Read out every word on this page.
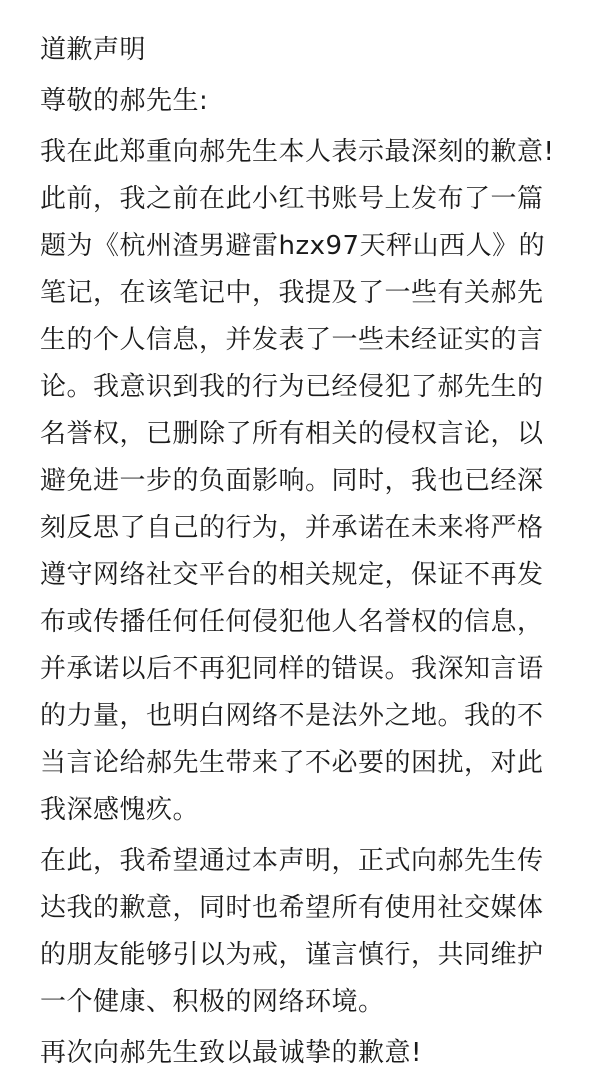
道歉声明
尊敬的郝先生:
我在此郑重向郝先生本人表示最深刻的歉意!
此前，我之前在此小红书账号上发布了一篇
题为《杭州渣男避雷hzx97天秤山西人》的
笔记，在该笔记中，我提及了一些有关郝先
生的个人信息，并发表了一些未经证实的言
论。我意识到我的行为已经侵犯了郝先生的
名誉权，已删除了所有相关的侵权言论，以
避免进一步的负面影响。同时，我也已经深
刻反思了自己的行为，并承诺在未来将严格
遵守网络社交平台的相关规定，保证不再发
布或传播任何任何侵犯他人名誉权的信息，
并承诺以后不再犯同样的错误。我深知言语
的力量，也明白网络不是法外之地。我的不
当言论给郝先生带来了不必要的困扰，对此
我深感愧疚。
在此，我希望通过本声明，正式向郝先生传
达我的歉意，同时也希望所有使用社交媒体
的朋友能够引以为戒，谨言慎行，共同维护
一个健康、积极的网络环境。
再次向郝先生致以最诚挚的歉意!
